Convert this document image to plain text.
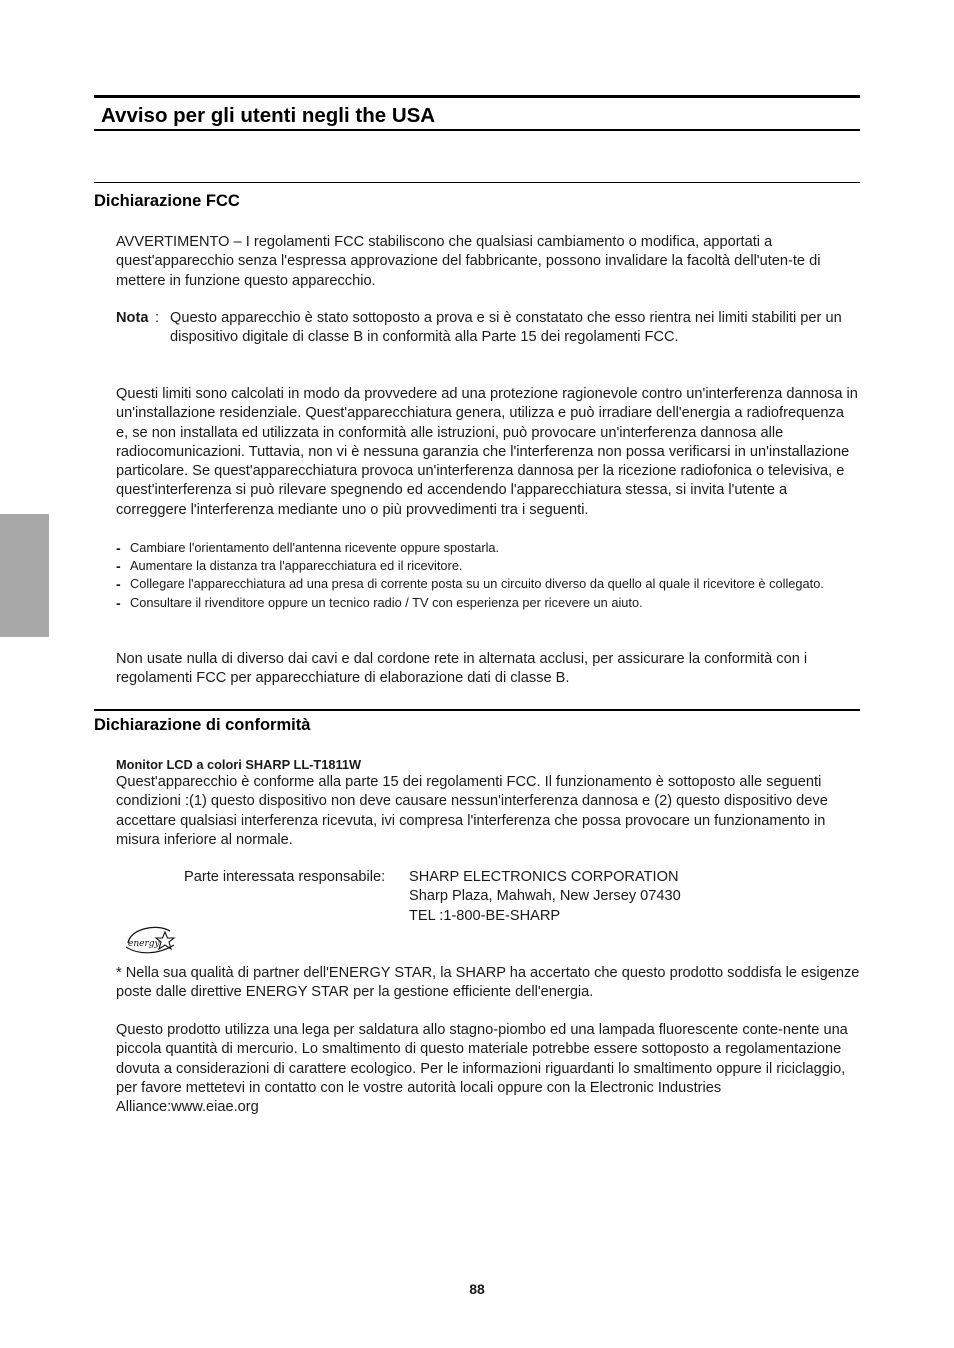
Avviso per gli utenti negli the USA
Dichiarazione FCC

AVVERTIMENTO – I regolamenti FCC stabiliscono che qualsiasi cambiamento o modifica, apportati a quest'apparecchio senza l'espressa approvazione del fabbricante, possono invalidare la facoltà dell'uten-te di mettere in funzione questo apparecchio.

Nota : Questo apparecchio è stato sottoposto a prova e si è constatato che esso rientra nei limiti stabiliti per un dispositivo digitale di classe B in conformità alla Parte 15 dei regolamenti FCC.

Questi limiti sono calcolati in modo da provvedere ad una protezione ragionevole contro un'interferenza dannosa in un'installazione residenziale. Quest'apparecchiatura genera, utilizza e può irradiare dell'energia a radiofrequenza e, se non installata ed utilizzata in conformità alle istruzioni, può provocare un'interferenza dannosa alle radiocomunicazioni. Tuttavia, non vi è nessuna garanzia che l'interferenza non possa verificarsi in un'installazione particolare. Se quest'apparecchiatura provoca un'interferenza dannosa per la ricezione radiofonica o televisiva, e quest'interferenza si può rilevare spegnendo ed accendendo l'apparecchiatura stessa, si invita l'utente a correggere l'interferenza mediante uno o più provvedimenti tra i seguenti.

- Cambiare l'orientamento dell'antenna ricevente oppure spostarla.
- Aumentare la distanza tra l'apparecchiatura ed il ricevitore.
- Collegare l'apparecchiatura ad una presa di corrente posta su un circuito diverso da quello al quale il ricevitore è collegato.
- Consultare il rivenditore oppure un tecnico radio / TV con esperienza per ricevere un aiuto.

Non usate nulla di diverso dai cavi e dal cordone rete in alternata acclusi, per assicurare la conformità con i regolamenti FCC per apparecchiature di elaborazione dati di classe B.

Dichiarazione di conformità
Monitor LCD a colori SHARP LL-T1811W

Quest'apparecchio è conforme alla parte 15 dei regolamenti FCC. Il funzionamento è sottoposto alle seguenti condizioni :(1) questo dispositivo non deve causare nessun'interferenza dannosa e (2) questo dispositivo deve accettare qualsiasi interferenza ricevuta, ivi compresa l'interferenza che possa provocare un funzionamento in misura inferiore al normale.

Parte interessata responsabile: SHARP ELECTRONICS CORPORATION
Sharp Plaza, Mahwah, New Jersey 07430
TEL :1-800-BE-SHARP
energy

* Nella sua qualità di partner dell'ENERGY STAR, la SHARP ha accertato che questo prodotto soddisfa le esigenze poste dalle direttive ENERGY STAR per la gestione efficiente dell'energia.

Questo prodotto utilizza una lega per saldatura allo stagno-piombo ed una lampada fluorescente conte-nente una piccola quantità di mercurio. Lo smaltimento di questo materiale potrebbe essere sottoposto a regolamentazione dovuta a considerazioni di carattere ecologico. Per le informazioni riguardanti lo smaltimento oppure il riciclaggio, per favore mettetevi in contatto con le vostre autorità locali oppure con la Electronic Industries Alliance:www.eiae.org

88
